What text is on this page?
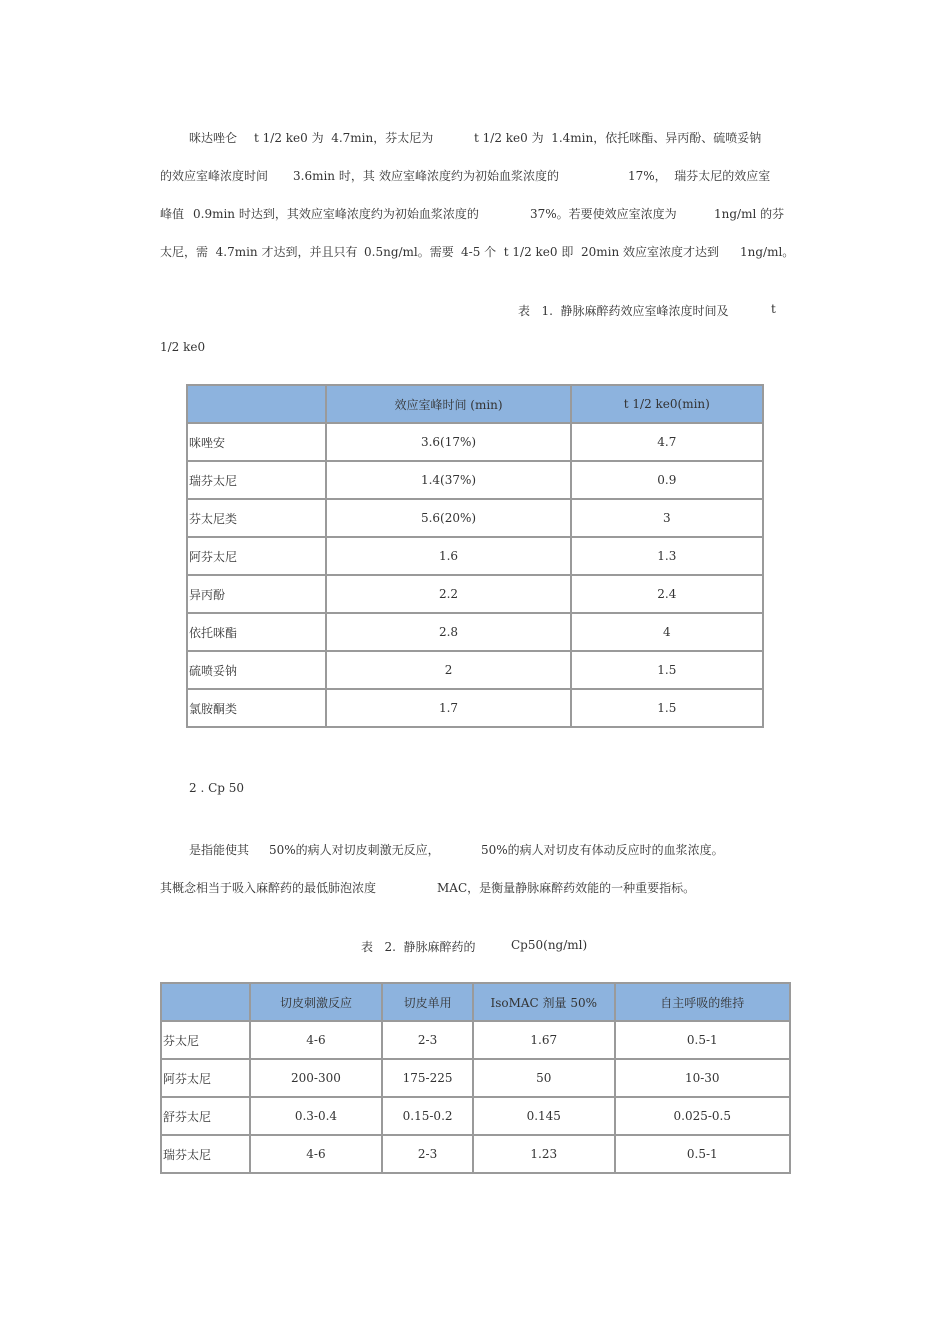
咪达唑仑 t 1/2 ke0 为  4.7min，芬太尼为	t 1/2 ke0 为  1.4min，依托咪酯、异丙酚、硫喷妥钠
的效应室峰浓度时间 3.6min 时，其 效应室峰浓度约为初始血浆浓度的	17%，  瑞芬太尼的效应室
峰值 0.9min 时达到，其效应室峰浓度约为初始血浆浓度的	37%。若要使效应室浓度为	1ng/ml 的芬
太尼， 需  4.7min 才达到，并且只有 0.5ng/ml。需要 4-5 个  t 1/2 ke0 即  20min 效应室浓度才达到 1ng/ml。
表   1.  静脉麻醉药效应室峰浓度时间及	t
1/2 ke0
	效应室峰时间 (min)	t 1/2 ke0(min)
咪唑安	3.6(17%)	4.7
瑞芬太尼	1.4(37%)	0.9
芬太尼类	5.6(20%)	3
阿芬太尼	1.6	1.3
异丙酚	2.2	2.4
依托咪酯	2.8	4
硫喷妥钠	2	1.5
氯胺酮类	1.7	1.5
2 . Cp 50
是指能使其 50%的病人对切皮刺激无反应，	50%的病人对切皮有体动反应时的血浆浓度。
其概念相当于吸入麻醉药的最低肺泡浓度	MAC，是衡量静脉麻醉药效能的一种重要指标。
表   2.  静脉麻醉药的	Cp50(ng/ml)
	切皮刺激反应	切皮单用	IsoMAC 剂量 50%	自主呼吸的维持
芬太尼	4-6	2-3	1.67	0.5-1
阿芬太尼	200-300	175-225	50	10-30
舒芬太尼	0.3-0.4	0.15-0.2	0.145	0.025-0.5
瑞芬太尼	4-6	2-3	1.23	0.5-1
